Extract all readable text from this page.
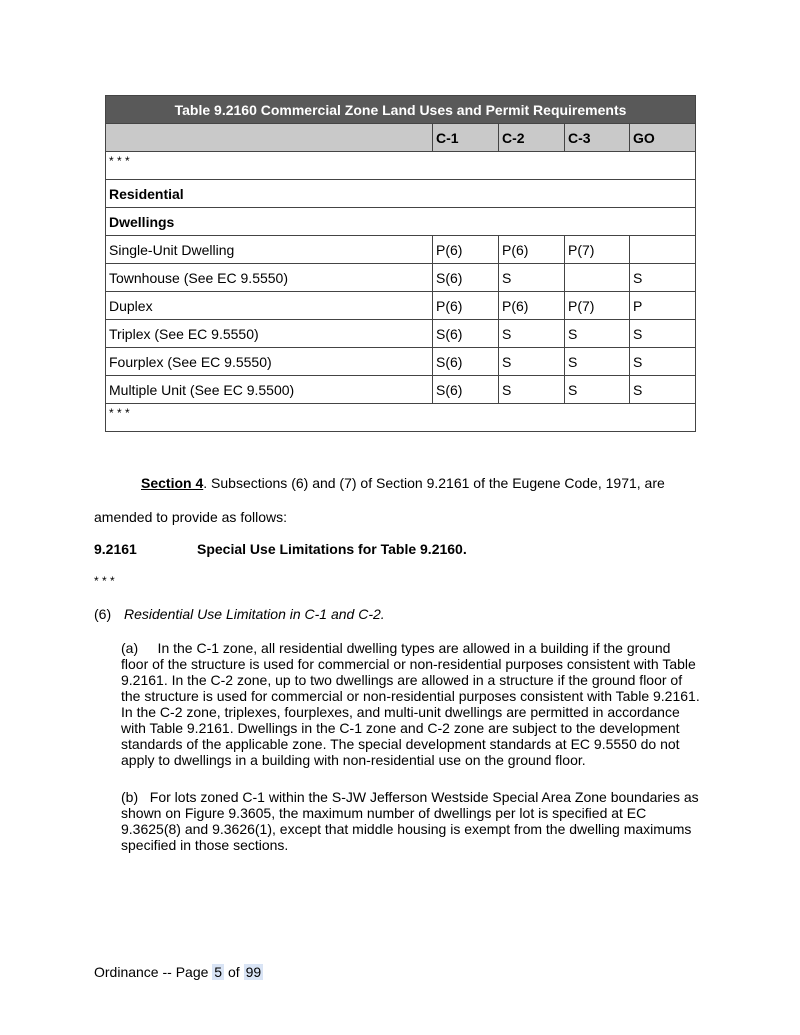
Table 9.2160 Commercial Zone Land Uses and Permit Requirements				
	C-1	C-2	C-3	GO
* * *				
Residential				
Dwellings				
Single-Unit Dwelling	P(6)	P(6)	P(7)	
Townhouse (See EC 9.5550)	S(6)	S		S
Duplex	P(6)	P(6)	P(7)	P
Triplex (See EC 9.5550)	S(6)	S	S	S
Fourplex (See EC 9.5550)	S(6)	S	S	S
Multiple Unit (See EC 9.5500)	S(6)	S	S	S
* * *				
Section 4. Subsections (6) and (7) of Section 9.2161 of the Eugene Code, 1971, are
amended to provide as follows:
9.2161	Special Use Limitations for Table 9.2160.
* * *
(6) Residential Use Limitation in C-1 and C-2.
(a)     In the C-1 zone, all residential dwelling types are allowed in a building if the ground floor of the structure is used for commercial or non-residential purposes consistent with Table 9.2161. In the C-2 zone, up to two dwellings are allowed in a structure if the ground floor of the structure is used for commercial or non-residential purposes consistent with Table 9.2161. In the C-2 zone, triplexes, fourplexes, and multi-unit dwellings are permitted in accordance with Table 9.2161. Dwellings in the C-1 zone and C-2 zone are subject to the development standards of the applicable zone. The special development standards at EC 9.5550 do not apply to dwellings in a building with non-residential use on the ground floor.
(b)   For lots zoned C-1 within the S-JW Jefferson Westside Special Area Zone boundaries as shown on Figure 9.3605, the maximum number of dwellings per lot is specified at EC 9.3625(8) and 9.3626(1), except that middle housing is exempt from the dwelling maximums specified in those sections.
Ordinance -- Page 5 of 99
